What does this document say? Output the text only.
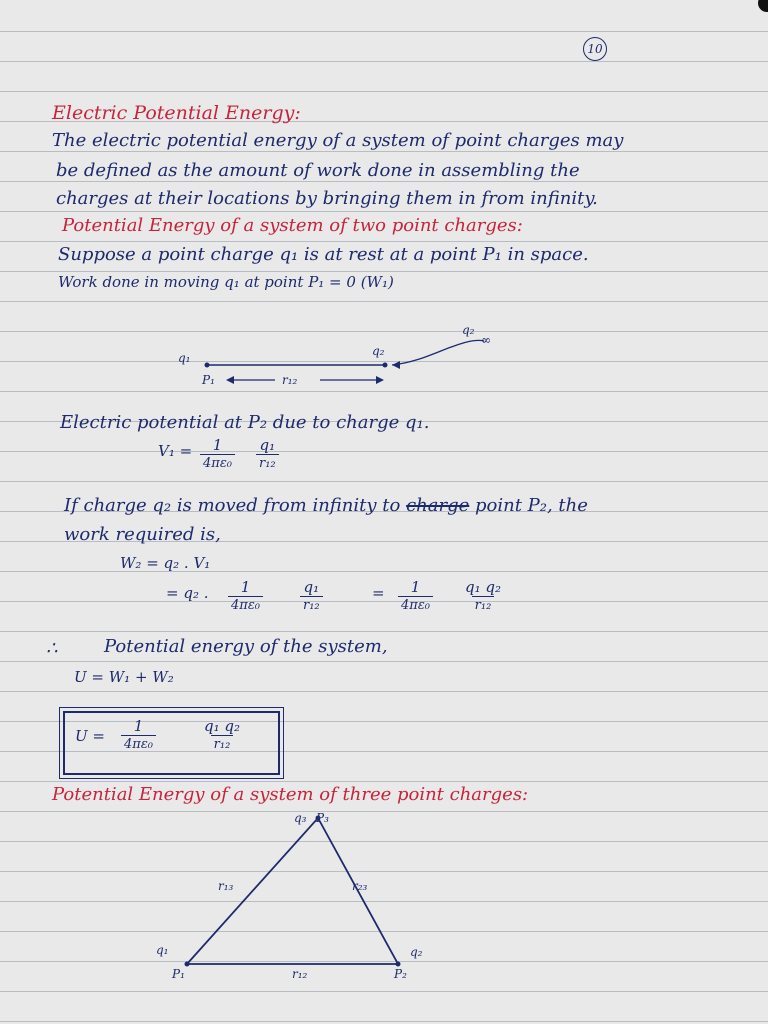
10
Electric Potential Energy:
The electric potential energy of a system of point charges may
be defined as the amount of work done in assembling the
charges at their locations by bringing them in from infinity.
Potential Energy of a system of two point charges:
Suppose a point charge q₁ is at rest at a point P₁ in space.
Work done in moving q₁ at point P₁ = 0 (W₁)
q₁
q₂
∞
q₂
P₁	r₁₂
Electric potential at P₂ due to charge q₁.
$V_1 = \frac{1}{\text{4πε₀}} \frac{\text{q₁}}{\text{r₁₂}}$
If charge q₂ is moved from infinity to charge point P₂, the
work required is,
W₂ = q₂ . V₁
= q₂ . $\frac{1}{\text{4πε₀}} \frac{\text{q₁}}{\text{r₁₂}}$	= $\frac{1}{\text{4πε₀}} \frac{\text{q₁ q₂}}{\text{r₁₂}}$
∴	Potential energy of the system,
U = W₁ + W₂
$U = \frac{1}{\text{4πε₀}}$	$\frac{\text{q₁ q₂}}{\text{r₁₂}}$
Potential Energy of a system of three point charges:
q₃ P₃
r₁₃	r₂₃
q₁
P₁	r₁₂
q₂
P₂
